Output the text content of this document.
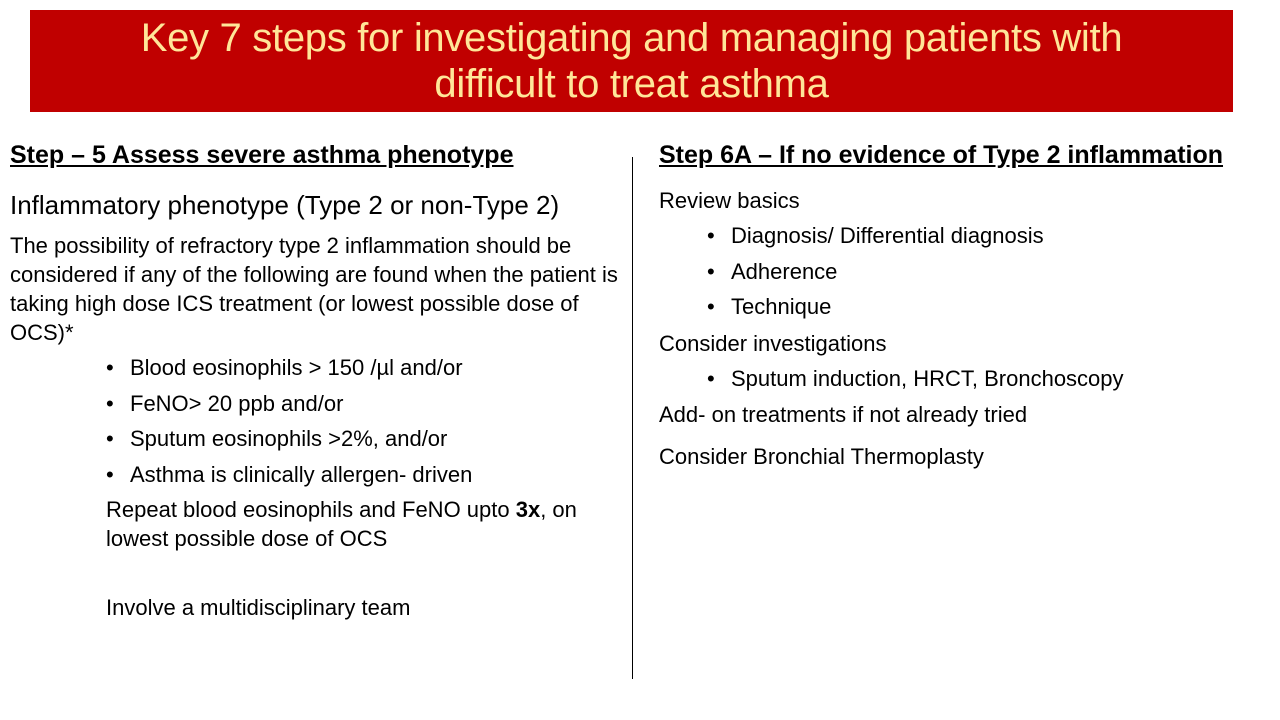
Key 7 steps for investigating and managing patients with
difficult to treat asthma
Step – 5 Assess severe asthma phenotype
Inflammatory phenotype (Type 2 or non-Type 2)
The possibility of refractory type 2 inflammation should be considered if any of the following are found when the patient is taking high dose ICS treatment (or lowest possible dose of OCS)*
• Blood eosinophils > 150 /µl and/or
• FeNO> 20 ppb and/or
• Sputum eosinophils >2%, and/or
• Asthma is clinically allergen- driven
Repeat blood eosinophils and FeNO upto 3x, on lowest possible dose of OCS
Involve a multidisciplinary team
Step 6A – If no evidence of Type 2 inflammation
Review basics
• Diagnosis/ Differential diagnosis
• Adherence
• Technique
Consider investigations
• Sputum induction, HRCT, Bronchoscopy
Add- on treatments if not already tried
Consider Bronchial Thermoplasty
